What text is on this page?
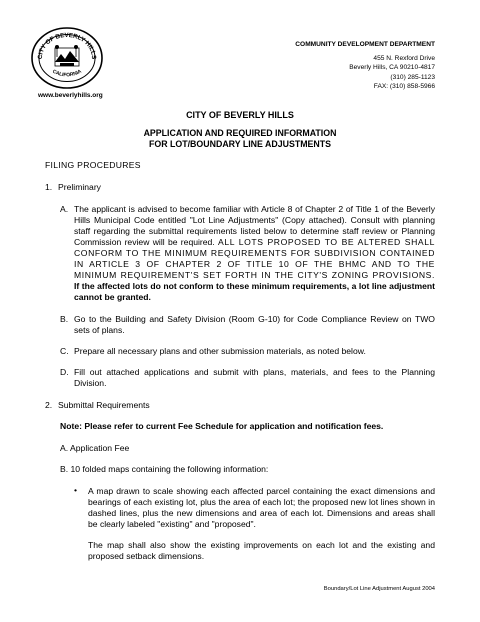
CITY OF BEVERLY HILLS
CALIFORNIA
www.beverlyhills.org
COMMUNITY DEVELOPMENT DEPARTMENT
455 N. Rexford Drive
Beverly Hills, CA 90210-4817
(310) 285-1123
FAX: (310) 858-5966
CITY OF BEVERLY HILLS
APPLICATION AND REQUIRED INFORMATION
FOR LOT/BOUNDARY LINE ADJUSTMENTS
FILING PROCEDURES
1. Preliminary
A. The applicant is advised to become familiar with Article 8 of Chapter 2 of Title 1 of the Beverly Hills Municipal Code entitled "Lot Line Adjustments" (Copy attached). Consult with planning staff regarding the submittal requirements listed below to determine staff review or Planning Commission review will be required. ALL LOTS PROPOSED TO BE ALTERED SHALL CONFORM TO THE MINIMUM REQUIREMENTS FOR SUBDIVISION CONTAINED IN ARTICLE 3 OF CHAPTER 2 OF TITLE 10 OF THE BHMC AND TO THE MINIMUM REQUIREMENT'S SET FORTH IN THE CITY'S ZONING PROVISIONS. If the affected lots do not conform to these minimum requirements, a lot line adjustment cannot be granted.
B. Go to the Building and Safety Division (Room G-10) for Code Compliance Review on TWO sets of plans.
C. Prepare all necessary plans and other submission materials, as noted below.
D. Fill out attached applications and submit with plans, materials, and fees to the Planning Division.
2. Submittal Requirements
Note: Please refer to current Fee Schedule for application and notification fees.
A. Application Fee
B. 10 folded maps containing the following information:
• A map drawn to scale showing each affected parcel containing the exact dimensions and bearings of each existing lot, plus the area of each lot; the proposed new lot lines shown in dashed lines, plus the new dimensions and area of each lot. Dimensions and areas shall be clearly labeled "existing" and "proposed".
The map shall also show the existing improvements on each lot and the existing and proposed setback dimensions.
Boundary/Lot Line Adjustment August 2004
